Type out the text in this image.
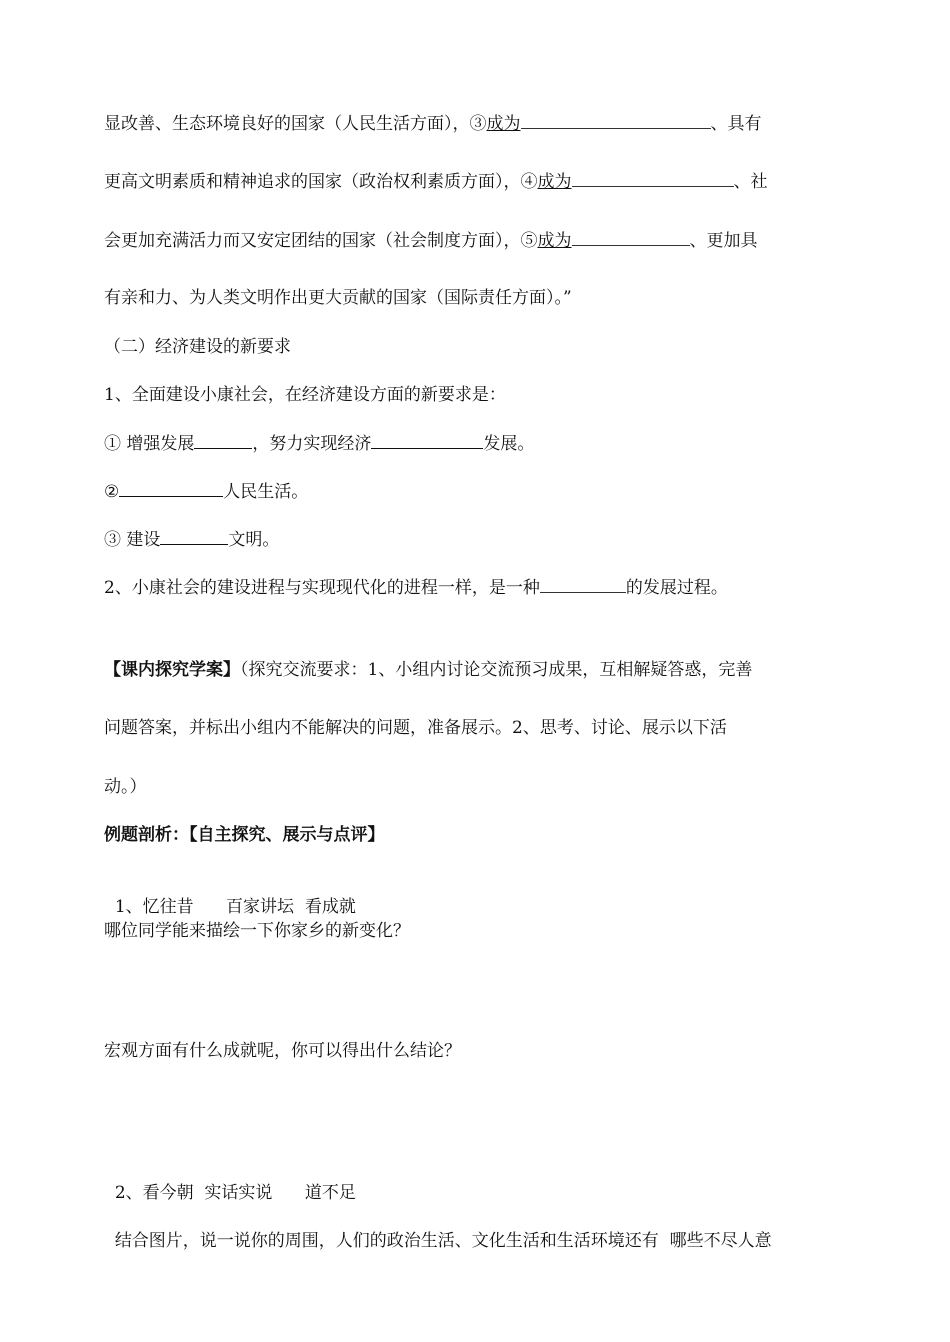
显改善、生态环境良好的国家（人民生活方面），③成为	、具有
更高文明素质和精神追求的国家（政治权利素质方面），④成为	、社
会更加充满活力而又安定团结的国家（社会制度方面），⑤成为	、更加具
有亲和力、为人类文明作出更大贡献的国家（国际责任方面）。”
（二）经济建设的新要求
1、全面建设小康社会，在经济建设方面的新要求是：
① 增强发展	，努力实现经济	发展。
②	人民生活。
③ 建设	文明。
2、小康社会的建设进程与实现现代化的进程一样，是一种	的发展过程。
【课内探究学案】（探究交流要求：1、小组内讨论交流预习成果，互相解疑答惑，完善
问题答案，并标出小组内不能解决的问题，准备展示。2、思考、讨论、展示以下活
动。）
例题剖析：【自主探究、展示与点评】

1、忆往昔      百家讲坛  看成就

哪位同学能来描绘一下你家乡的新变化？
宏观方面有什么成就呢，你可以得出什么结论？

2、看今朝  实话实说      道不足

结合图片，说一说你的周围，人们的政治生活、文化生活和生活环境还有  哪些不尽人意
